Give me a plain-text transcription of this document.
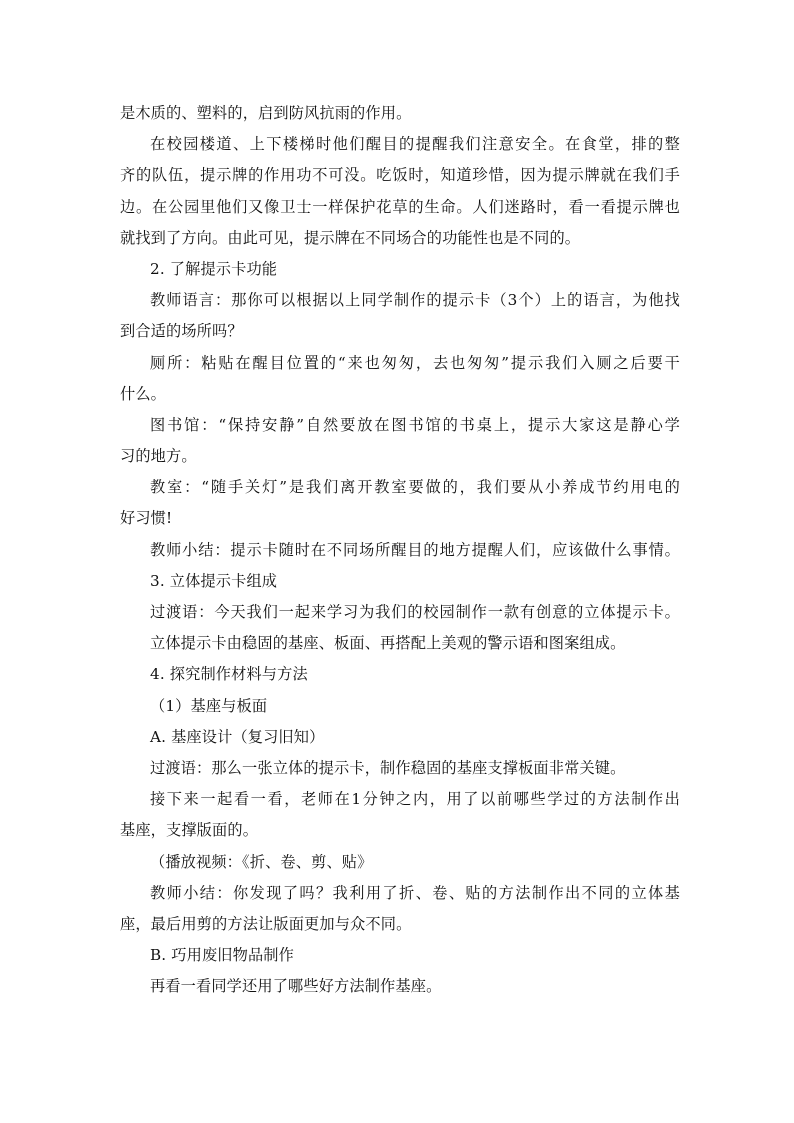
是木质的、塑料的，启到防风抗雨的作用。
在校园楼道、上下楼梯时他们醒目的提醒我们注意安全。在食堂，排的整
齐的队伍，提示牌的作用功不可没。吃饭时，知道珍惜，因为提示牌就在我们手
边。在公园里他们又像卫士一样保护花草的生命。人们迷路时，看一看提示牌也
就找到了方向。由此可见，提示牌在不同场合的功能性也是不同的。
2. 了解提示卡功能
教师语言：那你可以根据以上同学制作的提示卡（3个）上的语言，为他找
到合适的场所吗？
厕所：粘贴在醒目位置的“来也匆匆，去也匆匆”提示我们入厕之后要干
什么。
图书馆：“保持安静”自然要放在图书馆的书桌上，提示大家这是静心学
习的地方。
教室：“随手关灯”是我们离开教室要做的，我们要从小养成节约用电的
好习惯!
教师小结：提示卡随时在不同场所醒目的地方提醒人们，应该做什么事情。
3. 立体提示卡组成
过渡语：今天我们一起来学习为我们的校园制作一款有创意的立体提示卡。
立体提示卡由稳固的基座、板面、再搭配上美观的警示语和图案组成。
4. 探究制作材料与方法
（1）基座与板面
A. 基座设计（复习旧知）
过渡语：那么一张立体的提示卡，制作稳固的基座支撑板面非常关键。
接下来一起看一看，老师在1分钟之内，用了以前哪些学过的方法制作出
基座，支撑版面的。
（播放视频：《折、卷、剪、贴》
教师小结：你发现了吗？我利用了折、卷、贴的方法制作出不同的立体基
座，最后用剪的方法让版面更加与众不同。
B. 巧用废旧物品制作
再看一看同学还用了哪些好方法制作基座。
